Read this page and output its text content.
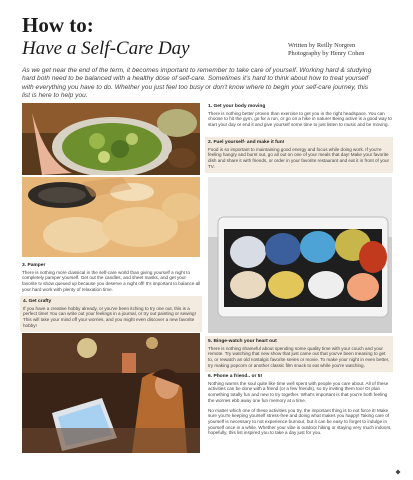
How to:
Have a Self-Care Day	Written by Reilly Norgren
Photography by Henry Cohen
As we get near the end of the term, it becomes important to remember to take care of yourself. Working hard & studying hard both need to be balanced with a healthy dose of self-care. Sometimes it's hard to think about how to treat yourself with everything you have to do. Whether you just feel too busy or don't know where to begin your self-care journey, this list is here to help you.
1. Get your body moving
There is nothing better proven than exercise to get you in the right headspace. You can choose to hit the gym, go for a run, or go on a hike in nature! Being active is a good way to start your day or end it and give yourself some time to just listen to music and be moving.
2. Fuel yourself- and make it fun!
Food is so important to maintaining good energy and focus while doing work. If you're feeling hangry and burnt out, go all out on one of your meals that day! Make your favorite dish and share it with friends, or order in your favorite restaurant and eat it in front of your TV.
3. Pamper
There is nothing more classical in the self-care world than giving yourself a night to completely pamper yourself. Get out the candles, and sheet masks, and get your favorite tv show queued up because you deserve a night off! It's important to balance all your hard work with plenty of relaxation time.
4. Get crafty
If you have a creative hobby already, or you've been itching to try one out, this is a perfect time! You can write out your feelings in a journal, or try out painting or sewing! This will take your mind off your worries, and you might even discover a new favorite hobby!
5. Binge-watch your heart out
There is nothing shameful about spending some quality time with your couch and your remote. Try watching that new show that just came out that you've been meaning to get to, or rewatch an old nostalgic favorite series or movie. To make your night in even better, try making popcorn or another classic film snack to eat while you're watching.
6. Phone a friend.. or 5!
Nothing warms the soul quite like time well spent with people you care about. All of these activities can be done with a friend (or a few friends), so try inviting them too! Or plan something totally fun and new to try together. What's important is that you're both feeling the worries ebb away one fun memory at a time.
No matter which one of these activities you try, the important thing is to not force it! Make sure you're keeping yourself stress-free and doing what makes you happy! Taking care of yourself is necessary to not experience burnout, but it can be easy to forget to indulge in yourself once in a while. Whether your vibe is outdoor hiking or staying very much indoors, hopefully, this list inspired you to take a day just for you.
